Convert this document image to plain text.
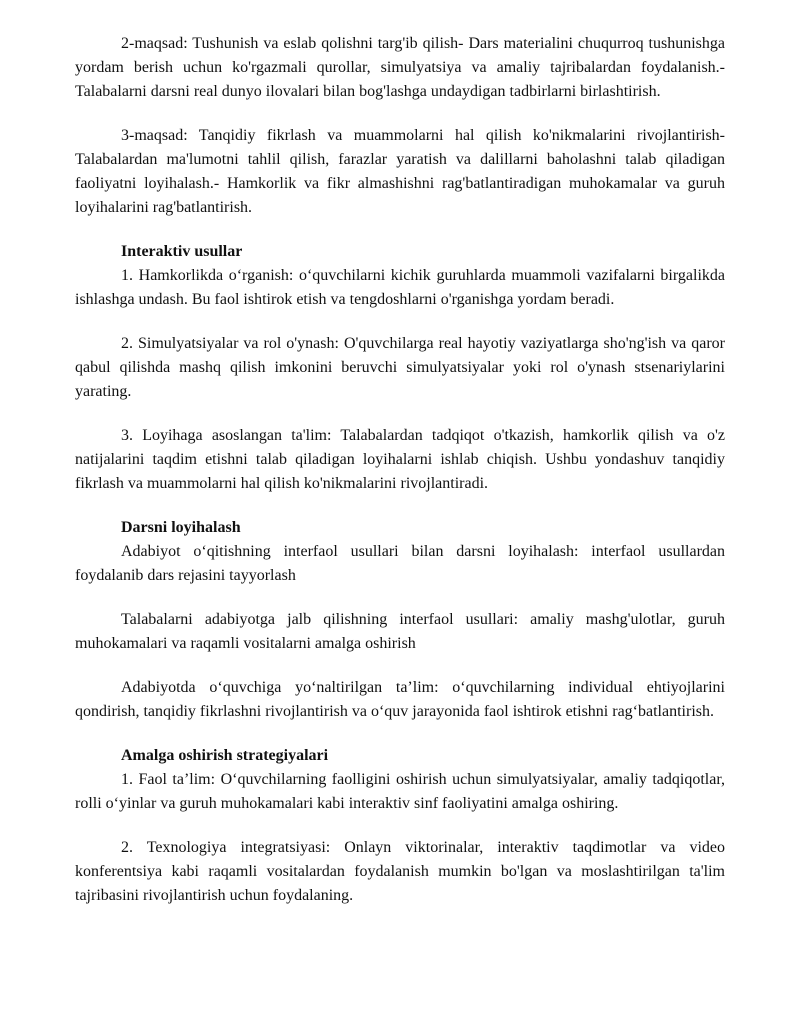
2-maqsad: Tushunish va eslab qolishni targ'ib qilish- Dars materialini chuqurroq tushunishga yordam berish uchun ko'rgazmali qurollar, simulyatsiya va amaliy tajribalardan foydalanish.- Talabalarni darsni real dunyo ilovalari bilan bog'lashga undaydigan tadbirlarni birlashtirish.

3-maqsad: Tanqidiy fikrlash va muammolarni hal qilish ko'nikmalarini rivojlantirish- Talabalardan ma'lumotni tahlil qilish, farazlar yaratish va dalillarni baholashni talab qiladigan faoliyatni loyihalash.- Hamkorlik va fikr almashishni rag'batlantiradigan muhokamalar va guruh loyihalarini rag'batlantirish.

Interaktiv usullar

1. Hamkorlikda o‘rganish: o‘quvchilarni kichik guruhlarda muammoli vazifalarni birgalikda ishlashga undash. Bu faol ishtirok etish va tengdoshlarni o'rganishga yordam beradi.

2. Simulyatsiyalar va rol o'ynash: O'quvchilarga real hayotiy vaziyatlarga sho'ng'ish va qaror qabul qilishda mashq qilish imkonini beruvchi simulyatsiyalar yoki rol o'ynash stsenariylarini yarating.

3. Loyihaga asoslangan ta'lim: Talabalardan tadqiqot o'tkazish, hamkorlik qilish va o'z natijalarini taqdim etishni talab qiladigan loyihalarni ishlab chiqish. Ushbu yondashuv tanqidiy fikrlash va muammolarni hal qilish ko'nikmalarini rivojlantiradi.

Darsni loyihalash

Adabiyot o‘qitishning interfaol usullari bilan darsni loyihalash: interfaol usullardan foydalanib dars rejasini tayyorlash

Talabalarni adabiyotga jalb qilishning interfaol usullari: amaliy mashg'ulotlar, guruh muhokamalari va raqamli vositalarni amalga oshirish

Adabiyotda o‘quvchiga yo‘naltirilgan ta’lim: o‘quvchilarning individual ehtiyojlarini qondirish, tanqidiy fikrlashni rivojlantirish va o‘quv jarayonida faol ishtirok etishni rag‘batlantirish.

Amalga oshirish strategiyalari

1. Faol ta’lim: O‘quvchilarning faolligini oshirish uchun simulyatsiyalar, amaliy tadqiqotlar, rolli o‘yinlar va guruh muhokamalari kabi interaktiv sinf faoliyatini amalga oshiring.

2. Texnologiya integratsiyasi: Onlayn viktorinalar, interaktiv taqdimotlar va video konferentsiya kabi raqamli vositalardan foydalanish mumkin bo'lgan va moslashtirilgan ta'lim tajribasini rivojlantirish uchun foydalaning.
